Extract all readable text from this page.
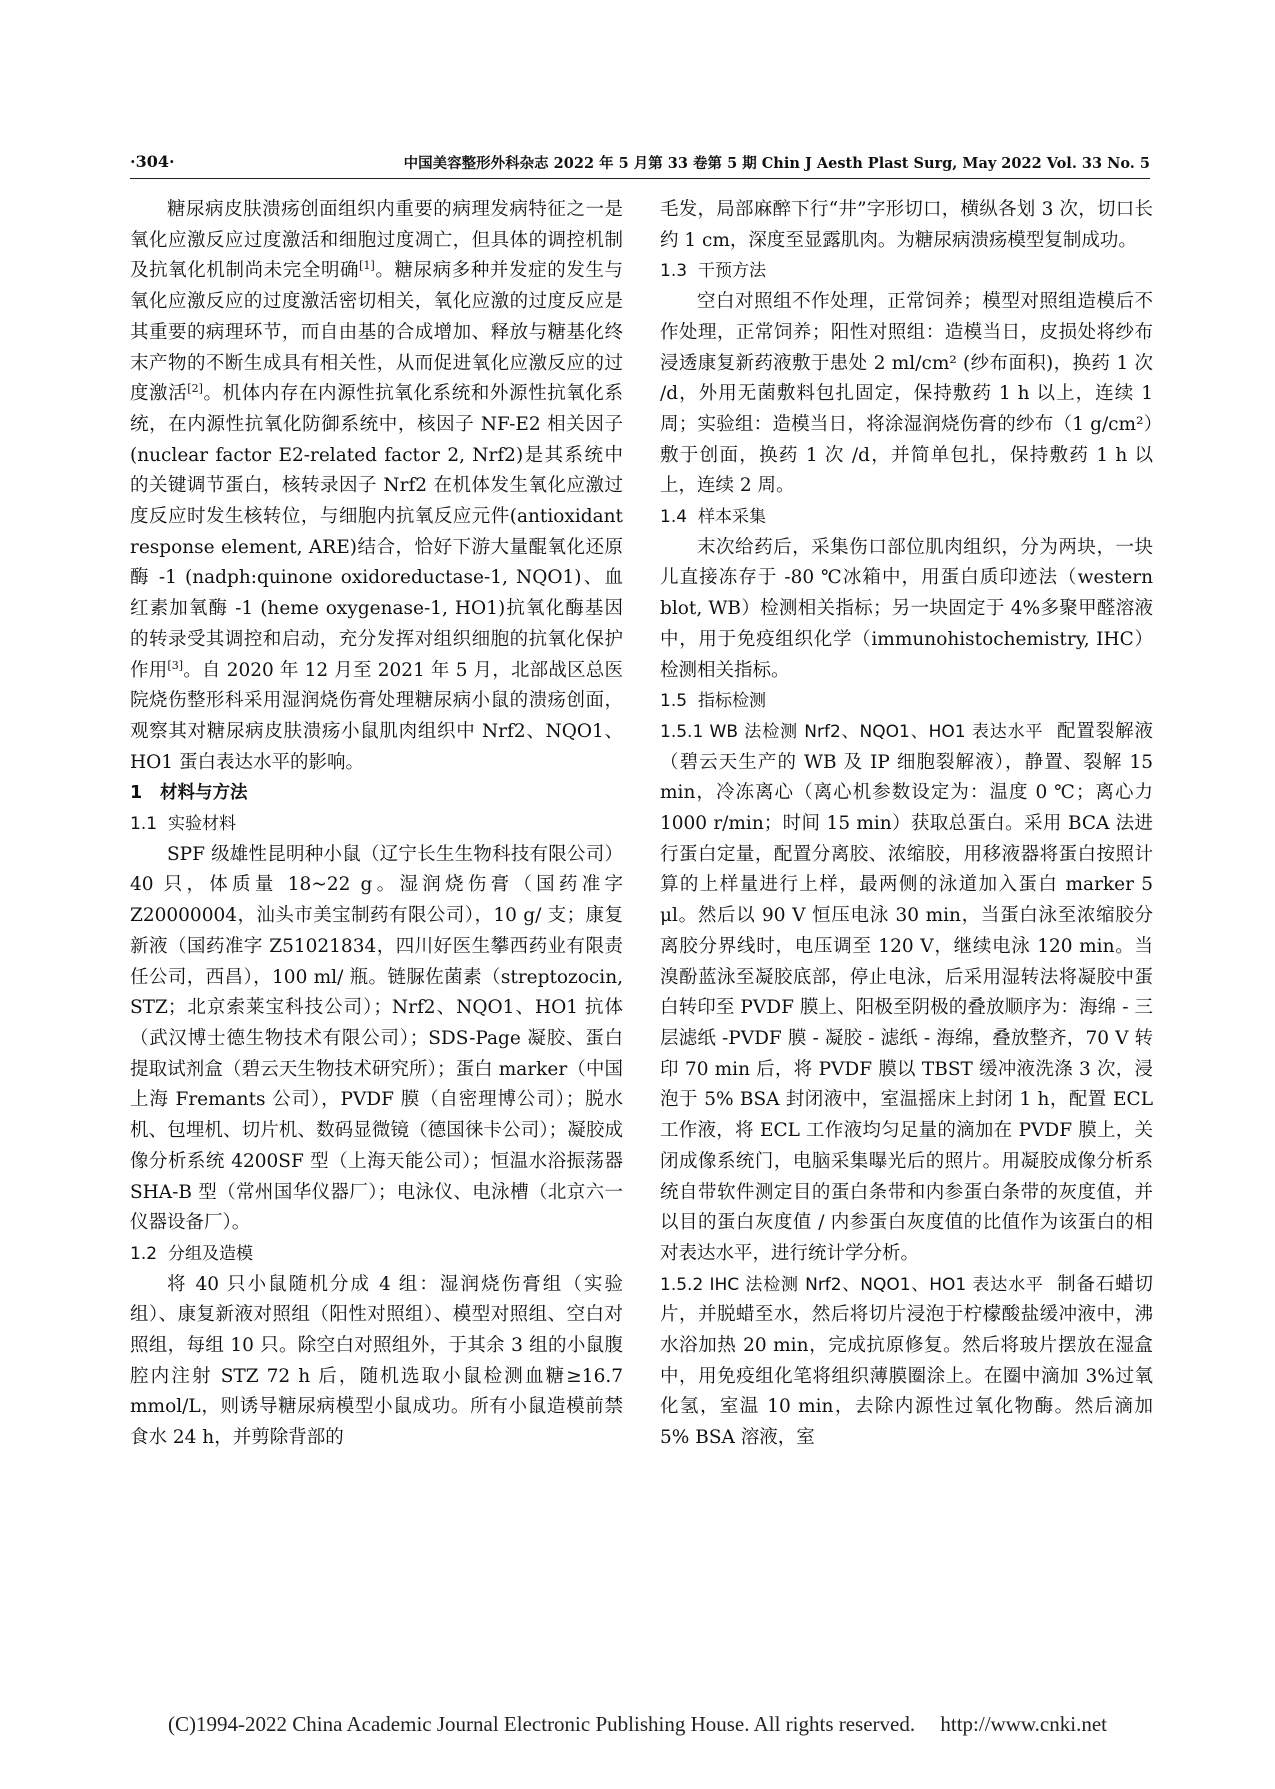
·304·	中国美容整形外科杂志 2022 年 5 月第 33 卷第 5 期 Chin J Aesth Plast Surg, May 2022 Vol. 33 No. 5

糖尿病皮肤溃疡创面组织内重要的病理发病特征之一是氧化应激反应过度激活和细胞过度凋亡，但具体的调控机制及抗氧化机制尚未完全明确[1]。糖尿病多种并发症的发生与氧化应激反应的过度激活密切相关，氧化应激的过度反应是其重要的病理环节，而自由基的合成增加、释放与糖基化终末产物的不断生成具有相关性，从而促进氧化应激反应的过度激活[2]。机体内存在内源性抗氧化系统和外源性抗氧化系统，在内源性抗氧化防御系统中，核因子 NF-E2 相关因子(nuclear factor E2-related factor 2, Nrf2)是其系统中的关键调节蛋白，核转录因子 Nrf2 在机体发生氧化应激过度反应时发生核转位，与细胞内抗氧反应元件(antioxidant response element, ARE)结合，恰好下游大量醌氧化还原酶 -1 (nadph:quinone oxidoreductase-1, NQO1)、血红素加氧酶 -1 (heme oxygenase-1, HO1)抗氧化酶基因的转录受其调控和启动，充分发挥对组织细胞的抗氧化保护作用[3]。自 2020 年 12 月至 2021 年 5 月，北部战区总医院烧伤整形科采用湿润烧伤膏处理糖尿病小鼠的溃疡创面，观察其对糖尿病皮肤溃疡小鼠肌肉组织中 Nrf2、NQO1、HO1 蛋白表达水平的影响。

1 材料与方法
1.1 实验材料

SPF 级雄性昆明种小鼠（辽宁长生生物科技有限公司）40 只，体质量 18~22 g。湿润烧伤膏（国药准字 Z20000004，汕头市美宝制药有限公司），10 g/ 支；康复新液（国药准字 Z51021834，四川好医生攀西药业有限责任公司，西昌），100 ml/ 瓶。链脲佐菌素（streptozocin, STZ；北京索莱宝科技公司）；Nrf2、NQO1、HO1 抗体（武汉博士德生物技术有限公司）；SDS-Page 凝胶、蛋白提取试剂盒（碧云天生物技术研究所）；蛋白 marker（中国上海 Fremants 公司），PVDF 膜（自密理博公司）；脱水机、包埋机、切片机、数码显微镜（德国徕卡公司）；凝胶成像分析系统 4200SF 型（上海天能公司）；恒温水浴振荡器 SHA-B 型（常州国华仪器厂）；电泳仪、电泳槽（北京六一仪器设备厂）。

1.2 分组及造模

将 40 只小鼠随机分成 4 组：湿润烧伤膏组（实验组）、康复新液对照组（阳性对照组）、模型对照组、空白对照组，每组 10 只。除空白对照组外，于其余 3 组的小鼠腹腔内注射 STZ 72 h 后，随机选取小鼠检测血糖≥16.7 mmol/L，则诱导糖尿病模型小鼠成功。所有小鼠造模前禁食水 24 h，并剪除背部的

毛发，局部麻醉下行“井”字形切口，横纵各划 3 次，切口长约 1 cm，深度至显露肌肉。为糖尿病溃疡模型复制成功。

1.3 干预方法

空白对照组不作处理，正常饲养；模型对照组造模后不作处理，正常饲养；阳性对照组：造模当日，皮损处将纱布浸透康复新药液敷于患处 2 ml/cm² (纱布面积)，换药 1 次 /d，外用无菌敷料包扎固定，保持敷药 1 h 以上，连续 1 周；实验组：造模当日，将涂湿润烧伤膏的纱布（1 g/cm²）敷于创面，换药 1 次 /d，并简单包扎，保持敷药 1 h 以上，连续 2 周。

1.4 样本采集

末次给药后，采集伤口部位肌肉组织，分为两块，一块儿直接冻存于 -80 ℃冰箱中，用蛋白质印迹法（western blot, WB）检测相关指标；另一块固定于 4%多聚甲醛溶液中，用于免疫组织化学（immunohistochemistry, IHC）检测相关指标。

1.5 指标检测

1.5.1 WB 法检测 Nrf2、NQO1、HO1 表达水平 配置裂解液（碧云天生产的 WB 及 IP 细胞裂解液），静置、裂解 15 min，冷冻离心（离心机参数设定为：温度 0 ℃；离心力 1000 r/min；时间 15 min）获取总蛋白。采用 BCA 法进行蛋白定量，配置分离胶、浓缩胶，用移液器将蛋白按照计算的上样量进行上样，最两侧的泳道加入蛋白 marker 5 μl。然后以 90 V 恒压电泳 30 min，当蛋白泳至浓缩胶分离胶分界线时，电压调至 120 V，继续电泳 120 min。当溴酚蓝泳至凝胶底部，停止电泳，后采用湿转法将凝胶中蛋白转印至 PVDF 膜上、阳极至阴极的叠放顺序为：海绵 - 三层滤纸 -PVDF 膜 - 凝胶 - 滤纸 - 海绵，叠放整齐，70 V 转印 70 min 后，将 PVDF 膜以 TBST 缓冲液洗涤 3 次，浸泡于 5% BSA 封闭液中，室温摇床上封闭 1 h，配置 ECL 工作液，将 ECL 工作液均匀足量的滴加在 PVDF 膜上，关闭成像系统门，电脑采集曝光后的照片。用凝胶成像分析系统自带软件测定目的蛋白条带和内参蛋白条带的灰度值，并以目的蛋白灰度值 / 内参蛋白灰度值的比值作为该蛋白的相对表达水平，进行统计学分析。

1.5.2 IHC 法检测 Nrf2、NQO1、HO1 表达水平 制备石蜡切片，并脱蜡至水，然后将切片浸泡于柠檬酸盐缓冲液中，沸水浴加热 20 min，完成抗原修复。然后将玻片摆放在湿盒中，用免疫组化笔将组织薄膜圈涂上。在圈中滴加 3%过氧化氢，室温 10 min，去除内源性过氧化物酶。然后滴加 5% BSA 溶液，室

(C)1994-2022 China Academic Journal Electronic Publishing House. All rights reserved. http://www.cnki.net
